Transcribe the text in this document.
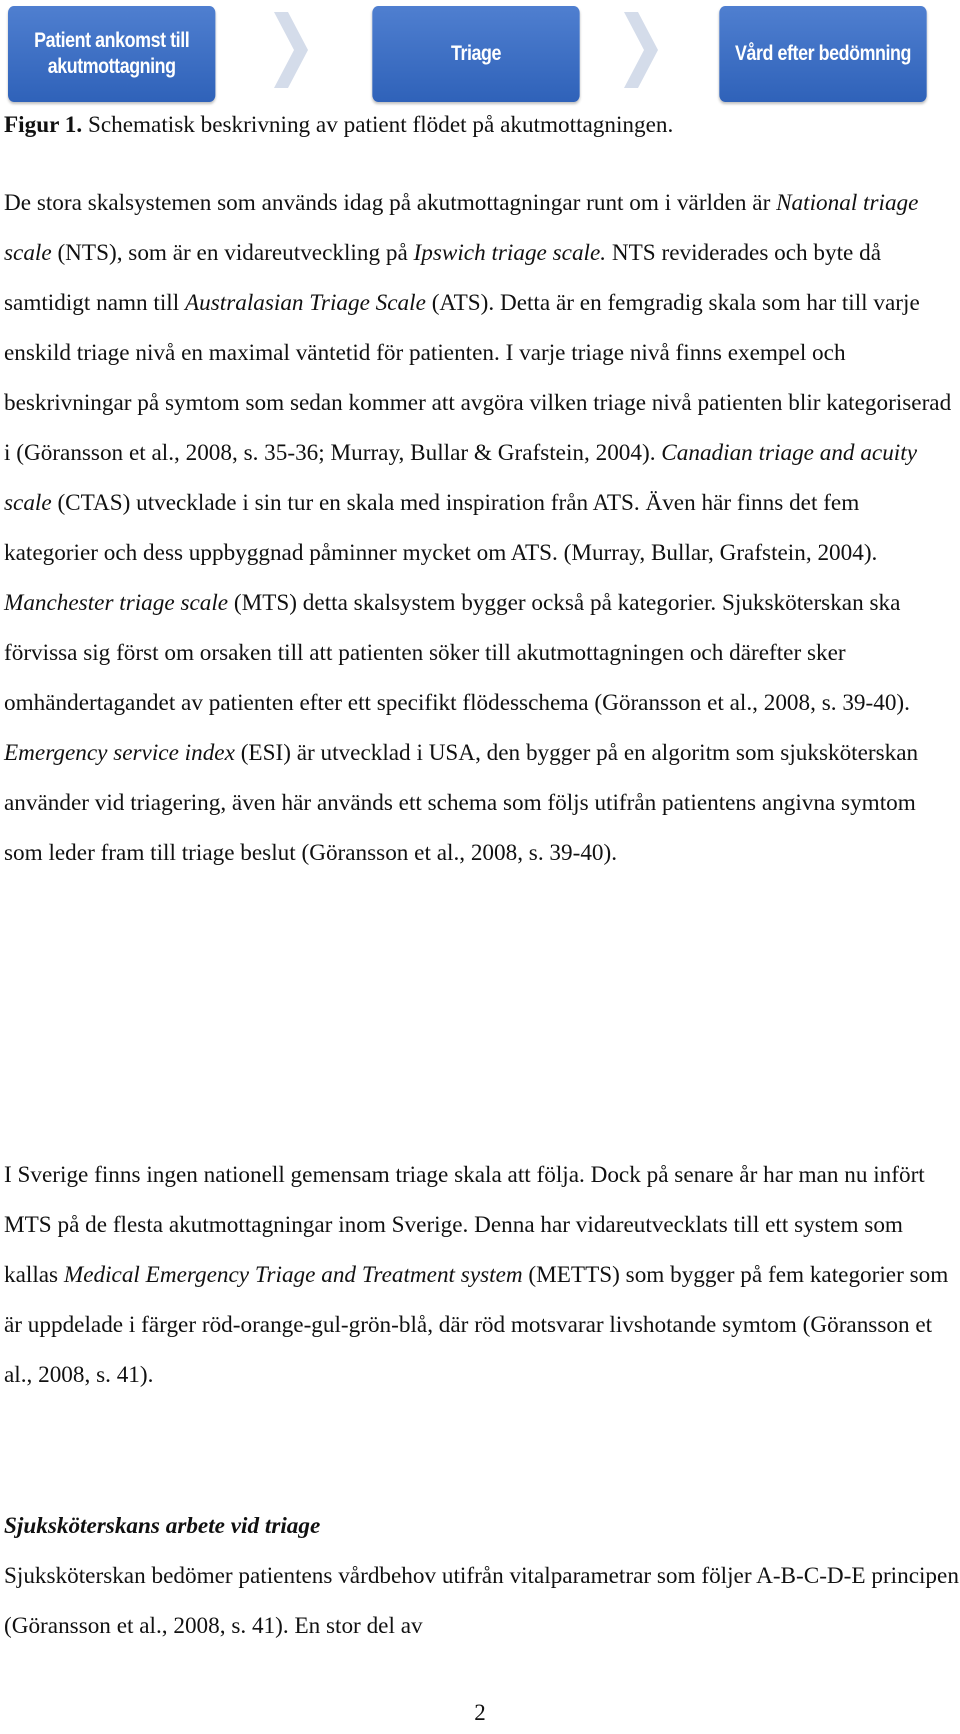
Patient ankomst till
akutmottagning
Triage	Vård efter bedömning
Figur 1. Schematisk beskrivning av patient flödet på akutmottagningen.

De stora skalsystemen som används idag på akutmottagningar runt om i världen är National triage scale (NTS), som är en vidareutveckling på Ipswich triage scale. NTS reviderades och byte då samtidigt namn till Australasian Triage Scale (ATS). Detta är en femgradig skala som har till varje enskild triage nivå en maximal väntetid för patienten. I varje triage nivå finns exempel och beskrivningar på symtom som sedan kommer att avgöra vilken triage nivå patienten blir kategoriserad i (Göransson et al., 2008, s. 35-36; Murray, Bullar & Grafstein, 2004). Canadian triage and acuity scale (CTAS) utvecklade i sin tur en skala med inspiration från ATS. Även här finns det fem kategorier och dess uppbyggnad påminner mycket om ATS. (Murray, Bullar, Grafstein, 2004). Manchester triage scale (MTS) detta skalsystem bygger också på kategorier. Sjuksköterskan ska förvissa sig först om orsaken till att patienten söker till akutmottagningen och därefter sker omhändertagandet av patienten efter ett specifikt flödesschema (Göransson et al., 2008, s. 39-40). Emergency service index (ESI) är utvecklad i USA, den bygger på en algoritm som sjuksköterskan använder vid triagering, även här används ett schema som följs utifrån patientens angivna symtom som leder fram till triage beslut (Göransson et al., 2008, s. 39-40).

I Sverige finns ingen nationell gemensam triage skala att följa. Dock på senare år har man nu infört MTS på de flesta akutmottagningar inom Sverige. Denna har vidareutvecklats till ett system som kallas Medical Emergency Triage and Treatment system (METTS) som bygger på fem kategorier som är uppdelade i färger röd-orange-gul-grön-blå, där röd motsvarar livshotande symtom (Göransson et al., 2008, s. 41).

Sjuksköterskans arbete vid triage

Sjuksköterskan bedömer patientens vårdbehov utifrån vitalparametrar som följer A-B-C-D-E principen (Göransson et al., 2008, s. 41). En stor del av

2
